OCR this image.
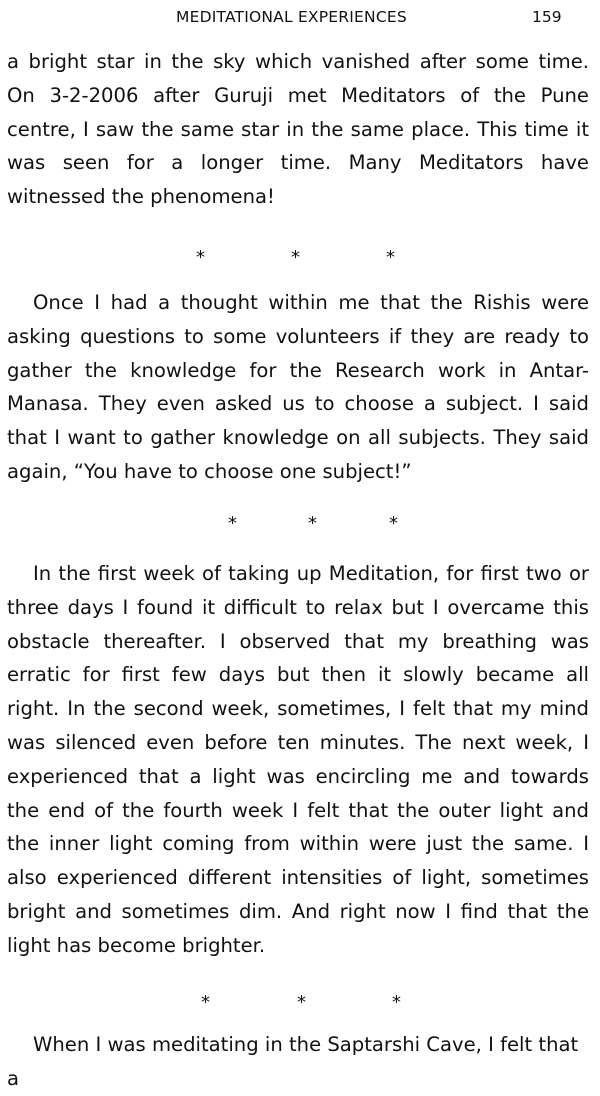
MEDITATIONAL EXPERIENCES	159

a bright star in the sky which vanished after some time. On 3-2-2006 after Guruji met Meditators of the Pune centre, I saw the same star in the same place. This time it was seen for a longer time. Many Meditators have witnessed the phenomena!

*	*	*

Once I had a thought within me that the Rishis were asking questions to some volunteers if they are ready to gather the knowledge for the Research work in Antar-Manasa. They even asked us to choose a subject. I said that I want to gather knowledge on all subjects. They said again, “You have to choose one subject!”

*	*	*

In the first week of taking up Meditation, for first two or three days I found it difficult to relax but I overcame this obstacle thereafter. I observed that my breathing was erratic for first few days but then it slowly became all right. In the second week, sometimes, I felt that my mind was silenced even before ten minutes. The next week, I experienced that a light was encircling me and towards the end of the fourth week I felt that the outer light and the inner light coming from within were just the same. I also experienced different intensities of light, sometimes bright and sometimes dim. And right now I find that the light has become brighter.

*	*	*

When I was meditating in the Saptarshi Cave, I felt that a
